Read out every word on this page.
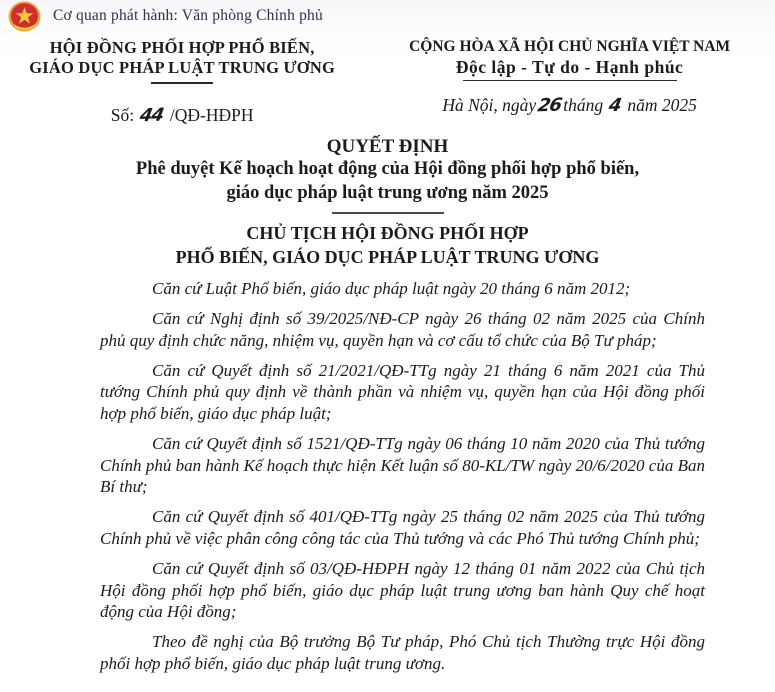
Cơ quan phát hành: Văn phòng Chính phủ
HỘI ĐỒNG PHỐI HỢP PHỔ BIẾN,
GIÁO DỤC PHÁP LUẬT TRUNG ƯƠNG
Số: 44 /QĐ-HĐPH
CỘNG HÒA XÃ HỘI CHỦ NGHĨA VIỆT NAM
Độc lập - Tự do - Hạnh phúc
Hà Nội, ngày26tháng 4 năm 2025
QUYẾT ĐỊNH
Phê duyệt Kế hoạch hoạt động của Hội đồng phối hợp phổ biến,
giáo dục pháp luật trung ương năm 2025
CHỦ TỊCH HỘI ĐỒNG PHỐI HỢP
PHỔ BIẾN, GIÁO DỤC PHÁP LUẬT TRUNG ƯƠNG

Căn cứ Luật Phổ biến, giáo dục pháp luật ngày 20 tháng 6 năm 2012;

Căn cứ Nghị định số 39/2025/NĐ-CP ngày 26 tháng 02 năm 2025 của Chính phủ quy định chức năng, nhiệm vụ, quyền hạn và cơ cấu tổ chức của Bộ Tư pháp;

Căn cứ Quyết định số 21/2021/QĐ-TTg ngày 21 tháng 6 năm 2021 của Thủ tướng Chính phủ quy định về thành phần và nhiệm vụ, quyền hạn của Hội đồng phối hợp phổ biến, giáo dục pháp luật;

Căn cứ Quyết định số 1521/QĐ-TTg ngày 06 tháng 10 năm 2020 của Thủ tướng Chính phủ ban hành Kế hoạch thực hiện Kết luận số 80-KL/TW ngày 20/6/2020 của Ban Bí thư;

Căn cứ Quyết định số 401/QĐ-TTg ngày 25 tháng 02 năm 2025 của Thủ tướng Chính phủ về việc phân công công tác của Thủ tướng và các Phó Thủ tướng Chính phủ;

Căn cứ Quyết định số 03/QĐ-HĐPH ngày 12 tháng 01 năm 2022 của Chủ tịch Hội đồng phối hợp phổ biến, giáo dục pháp luật trung ương ban hành Quy chế hoạt động của Hội đồng;

Theo đề nghị của Bộ trưởng Bộ Tư pháp, Phó Chủ tịch Thường trực Hội đồng phối hợp phổ biến, giáo dục pháp luật trung ương.
